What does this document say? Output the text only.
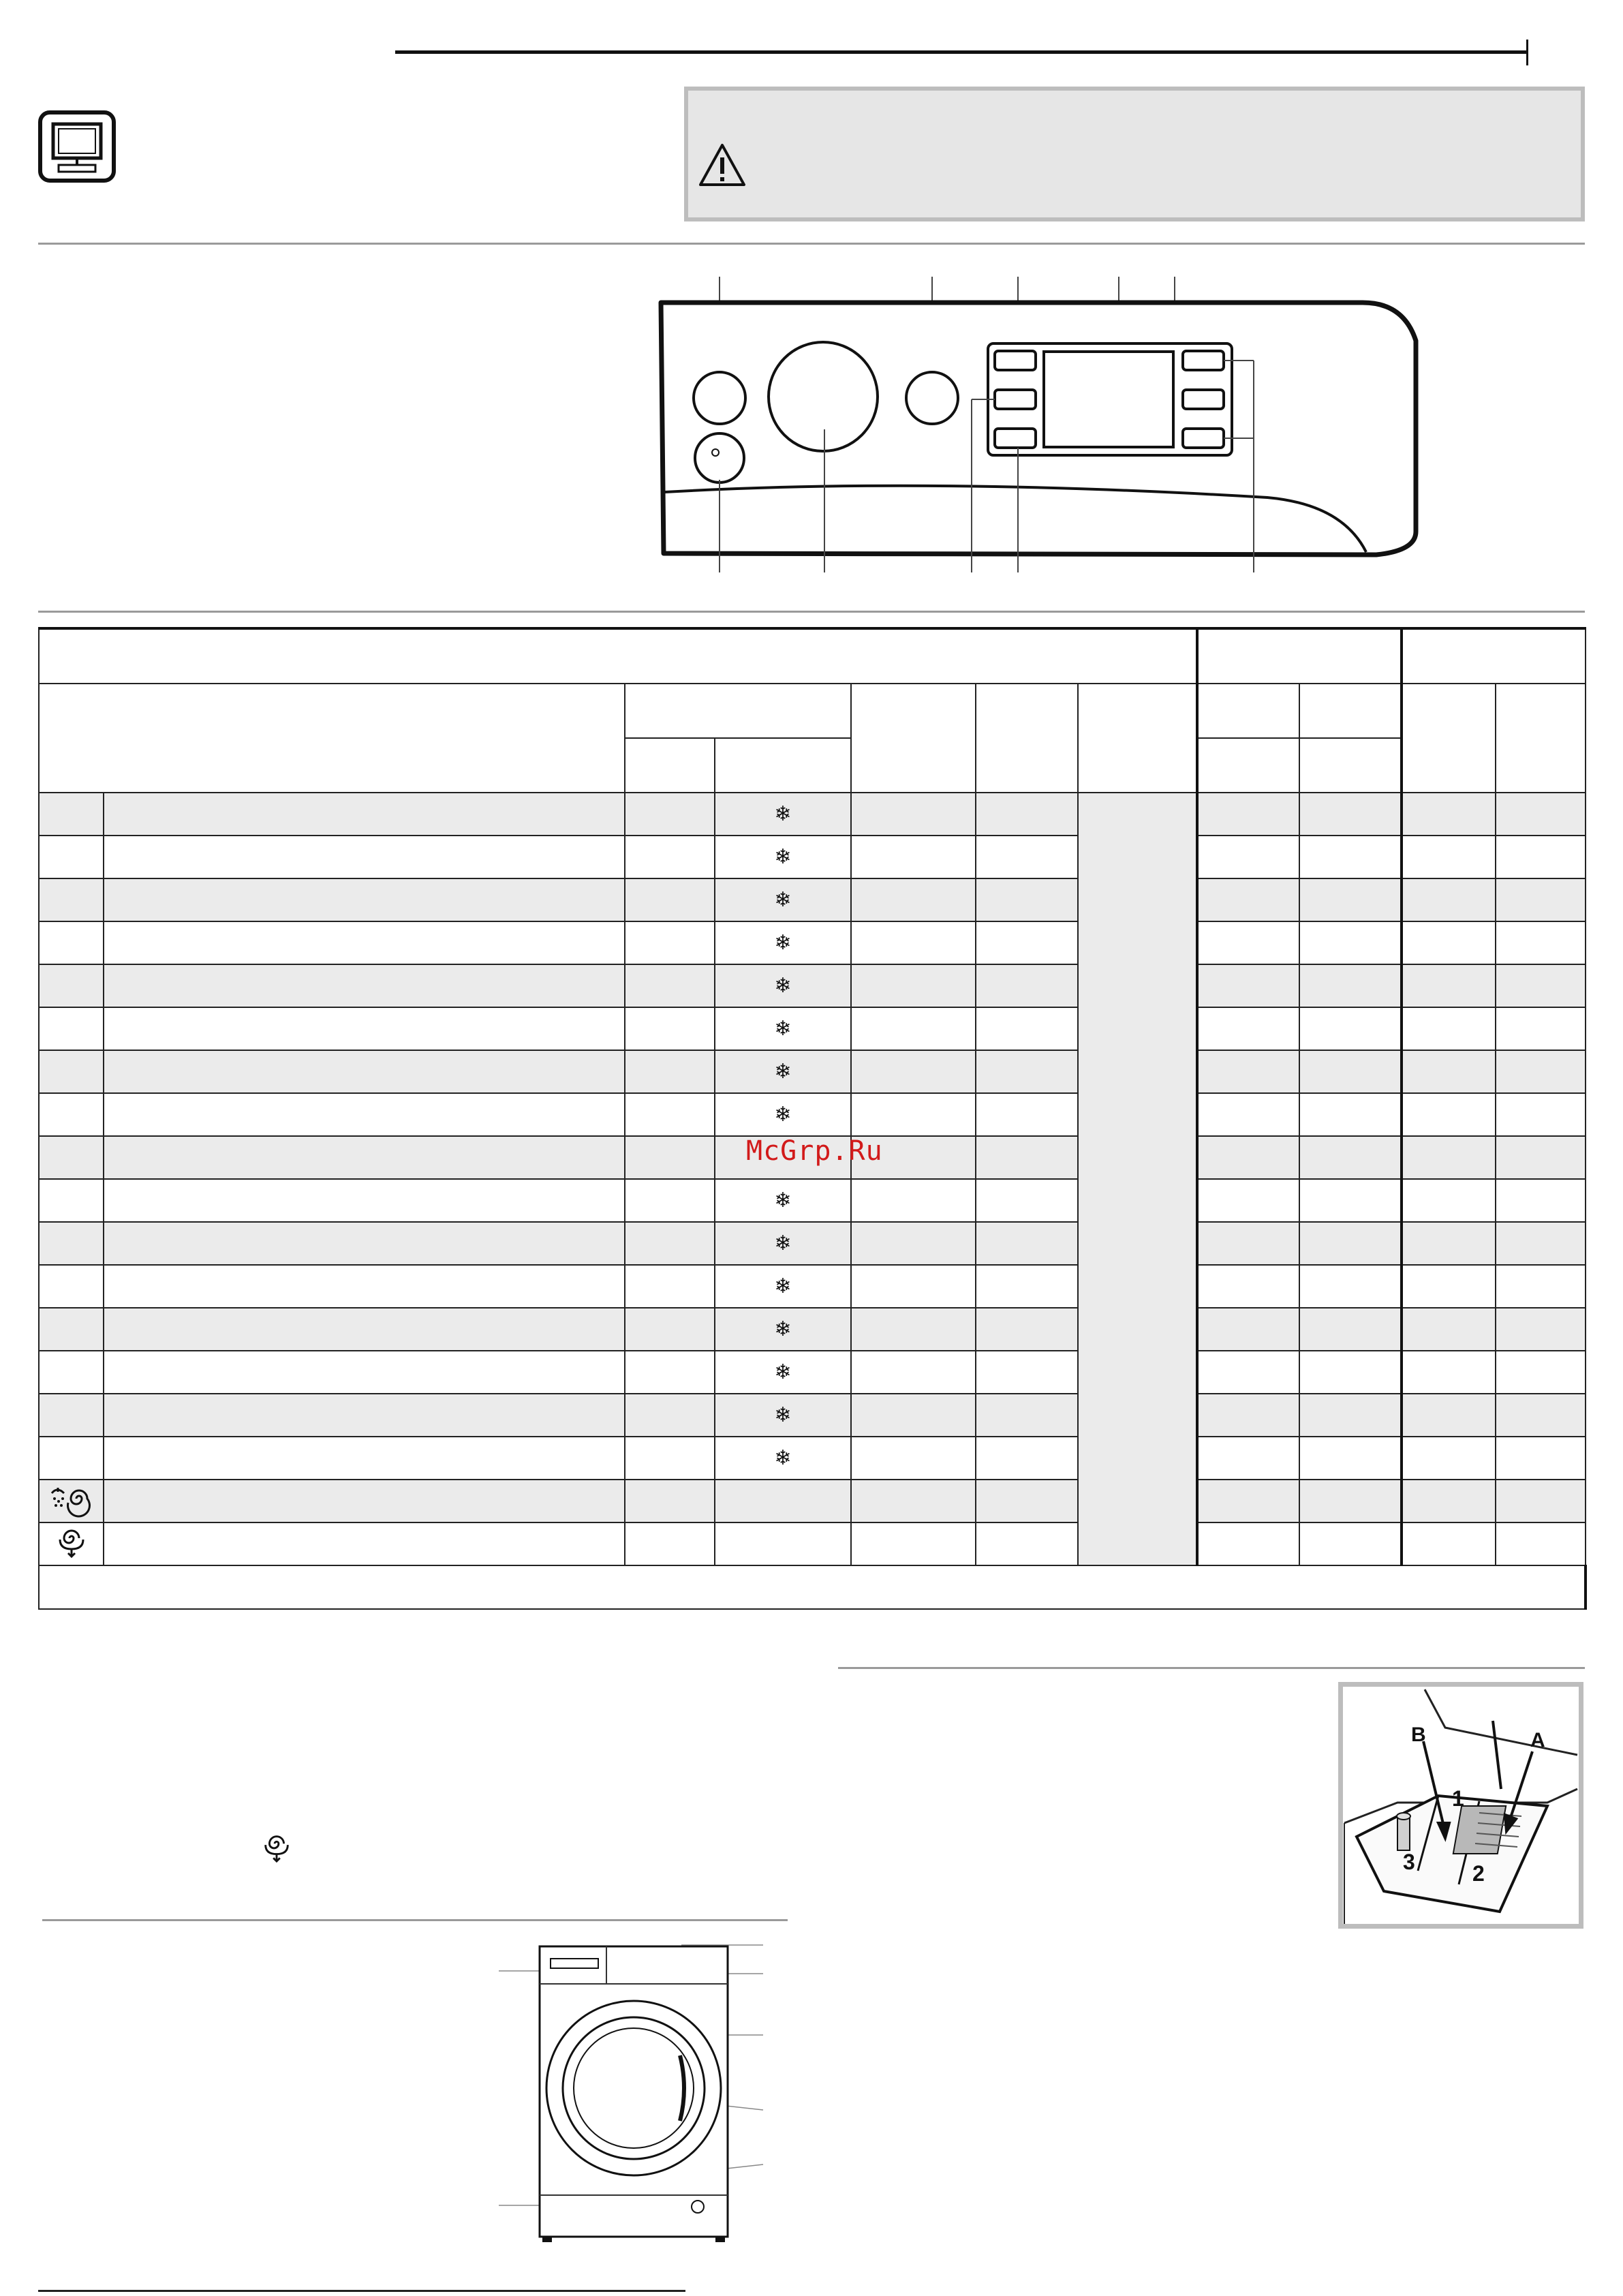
			❄							
			❄							
			❄							
			❄							
			❄							
			❄							
			❄							
			❄							

			McGrp.Ru							

			❄							
			❄							
			❄							
			❄							
			❄							
			❄							
			❄							

B	A
1
2
3
